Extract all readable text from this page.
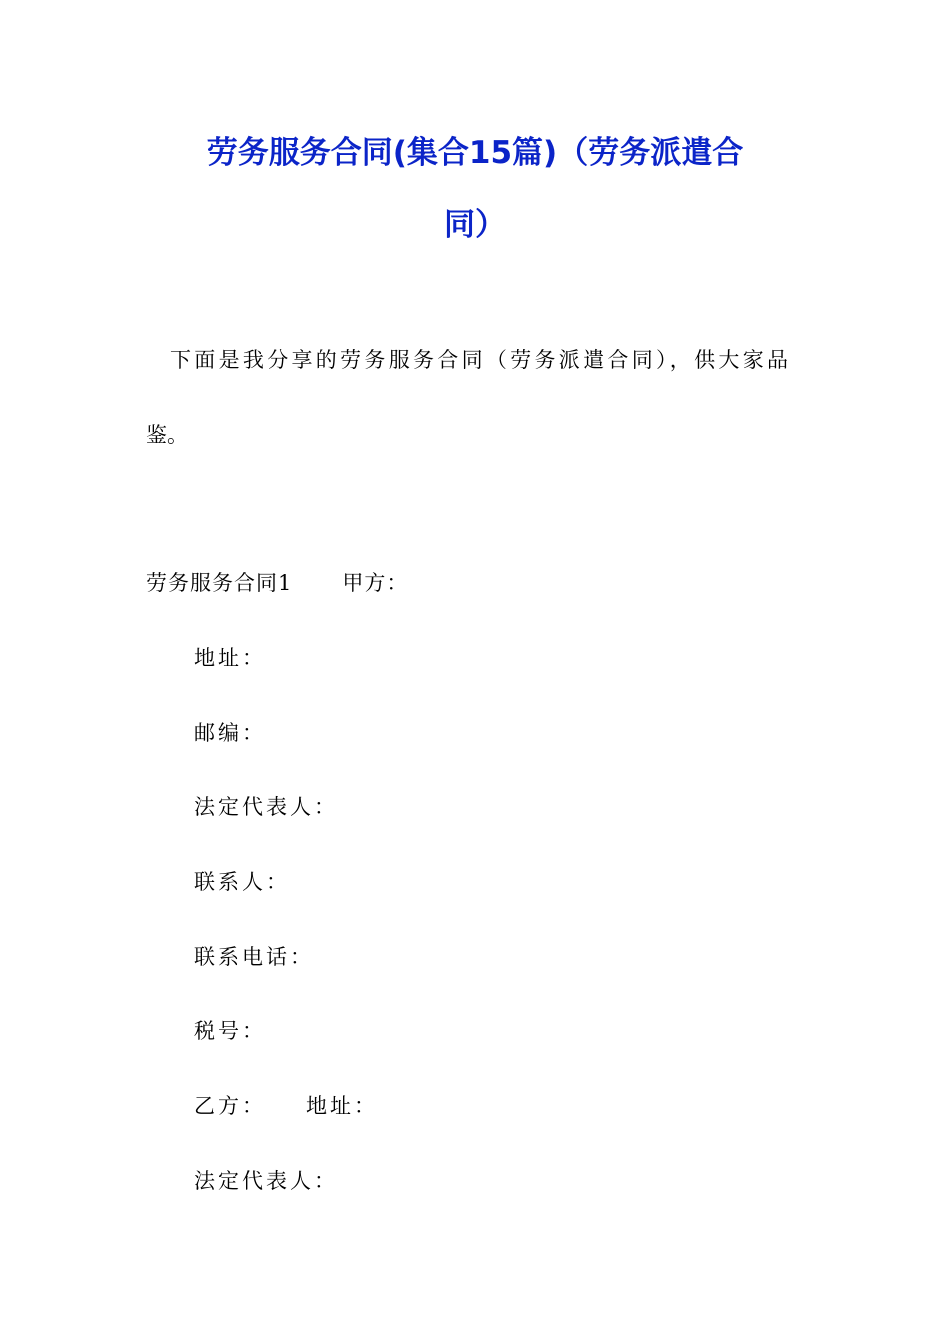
劳务服务合同(集合15篇)（劳务派遣合
同）

下面是我分享的劳务服务合同（劳务派遣合同），供大家品

鉴。

劳务服务合同1 甲方：

地址：

邮编：

法定代表人：

联系人：

联系电话：

税号：

乙方： 地址：

法定代表人：
